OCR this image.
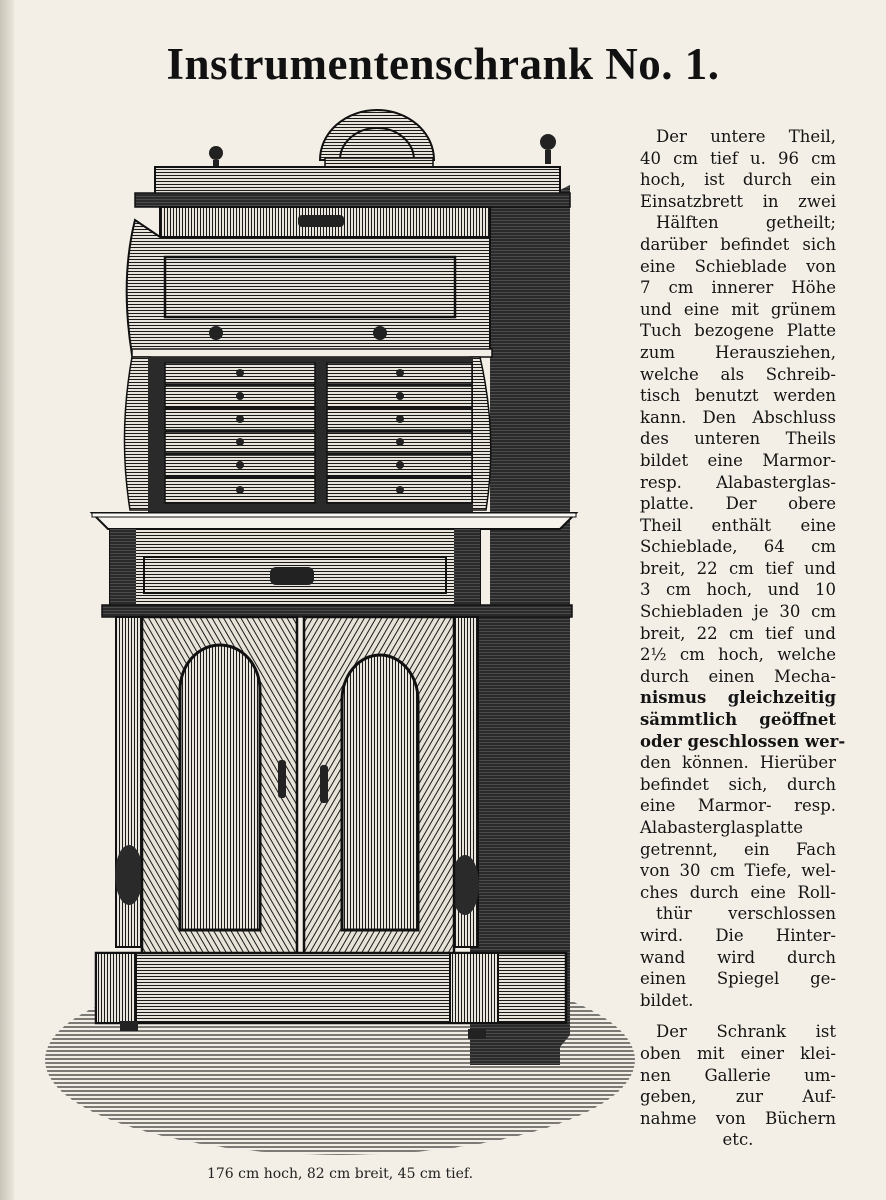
Instrumentenschrank No. 1.
176 cm hoch, 82 cm breit, 45 cm tief.

Der untere Theil,
40 cm tief u. 96 cm
hoch, ist durch ein
Einsatzbrett in zwei
Hälften getheilt;
darüber befindet sich
eine Schieblade von
7 cm innerer Höhe
und eine mit grünem
Tuch bezogene Platte
zum Herausziehen,
welche als Schreib-
tisch benutzt werden
kann. Den Abschluss
des unteren Theils
bildet eine Marmor-
resp. Alabasterglas-
platte. Der obere
Theil enthält eine
Schieblade, 64 cm
breit, 22 cm tief und
3 cm hoch, und 10
Schiebladen je 30 cm
breit, 22 cm tief und
2½ cm hoch, welche
durch einen Mecha-
nismus gleichzeitig
sämmtlich geöffnet
oder geschlossen wer-
den können. Hierüber
befindet sich, durch
eine Marmor- resp.
Alabasterglasplatte
getrennt, ein Fach
von 30 cm Tiefe, wel-
ches durch eine Roll-
thür verschlossen
wird. Die Hinter-
wand wird durch
einen Spiegel ge-
bildet.

Der Schrank ist
oben mit einer klei-
nen Gallerie um-
geben, zur Auf-
nahme von Büchern
etc.
